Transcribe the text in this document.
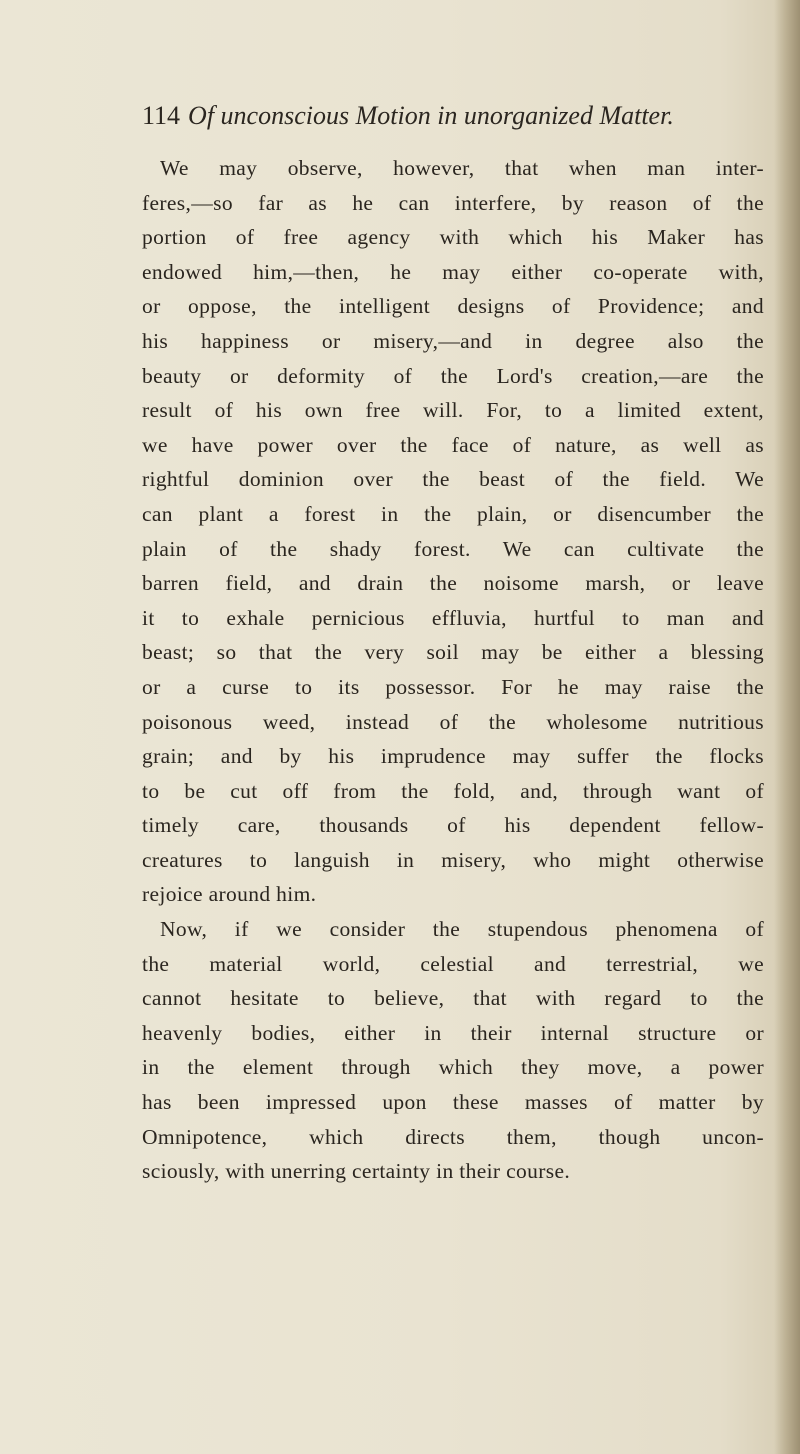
114 Of unconscious Motion in unorganized Matter.
We may observe, however, that when man inter-
feres,—so far as he can interfere, by reason of the
portion of free agency with which his Maker has
endowed him,—then, he may either co-operate with,
or oppose, the intelligent designs of Providence; and
his happiness or misery,—and in degree also the
beauty or deformity of the Lord's creation,—are the
result of his own free will. For, to a limited extent,
we have power over the face of nature, as well as
rightful dominion over the beast of the field. We
can plant a forest in the plain, or disencumber the
plain of the shady forest. We can cultivate the
barren field, and drain the noisome marsh, or leave
it to exhale pernicious effluvia, hurtful to man and
beast; so that the very soil may be either a blessing
or a curse to its possessor. For he may raise the
poisonous weed, instead of the wholesome nutritious
grain; and by his imprudence may suffer the flocks
to be cut off from the fold, and, through want of
timely care, thousands of his dependent fellow-
creatures to languish in misery, who might otherwise
rejoice around him.
Now, if we consider the stupendous phenomena of
the material world, celestial and terrestrial, we
cannot hesitate to believe, that with regard to the
heavenly bodies, either in their internal structure or
in the element through which they move, a power
has been impressed upon these masses of matter by
Omnipotence, which directs them, though uncon-
sciously, with unerring certainty in their course.
